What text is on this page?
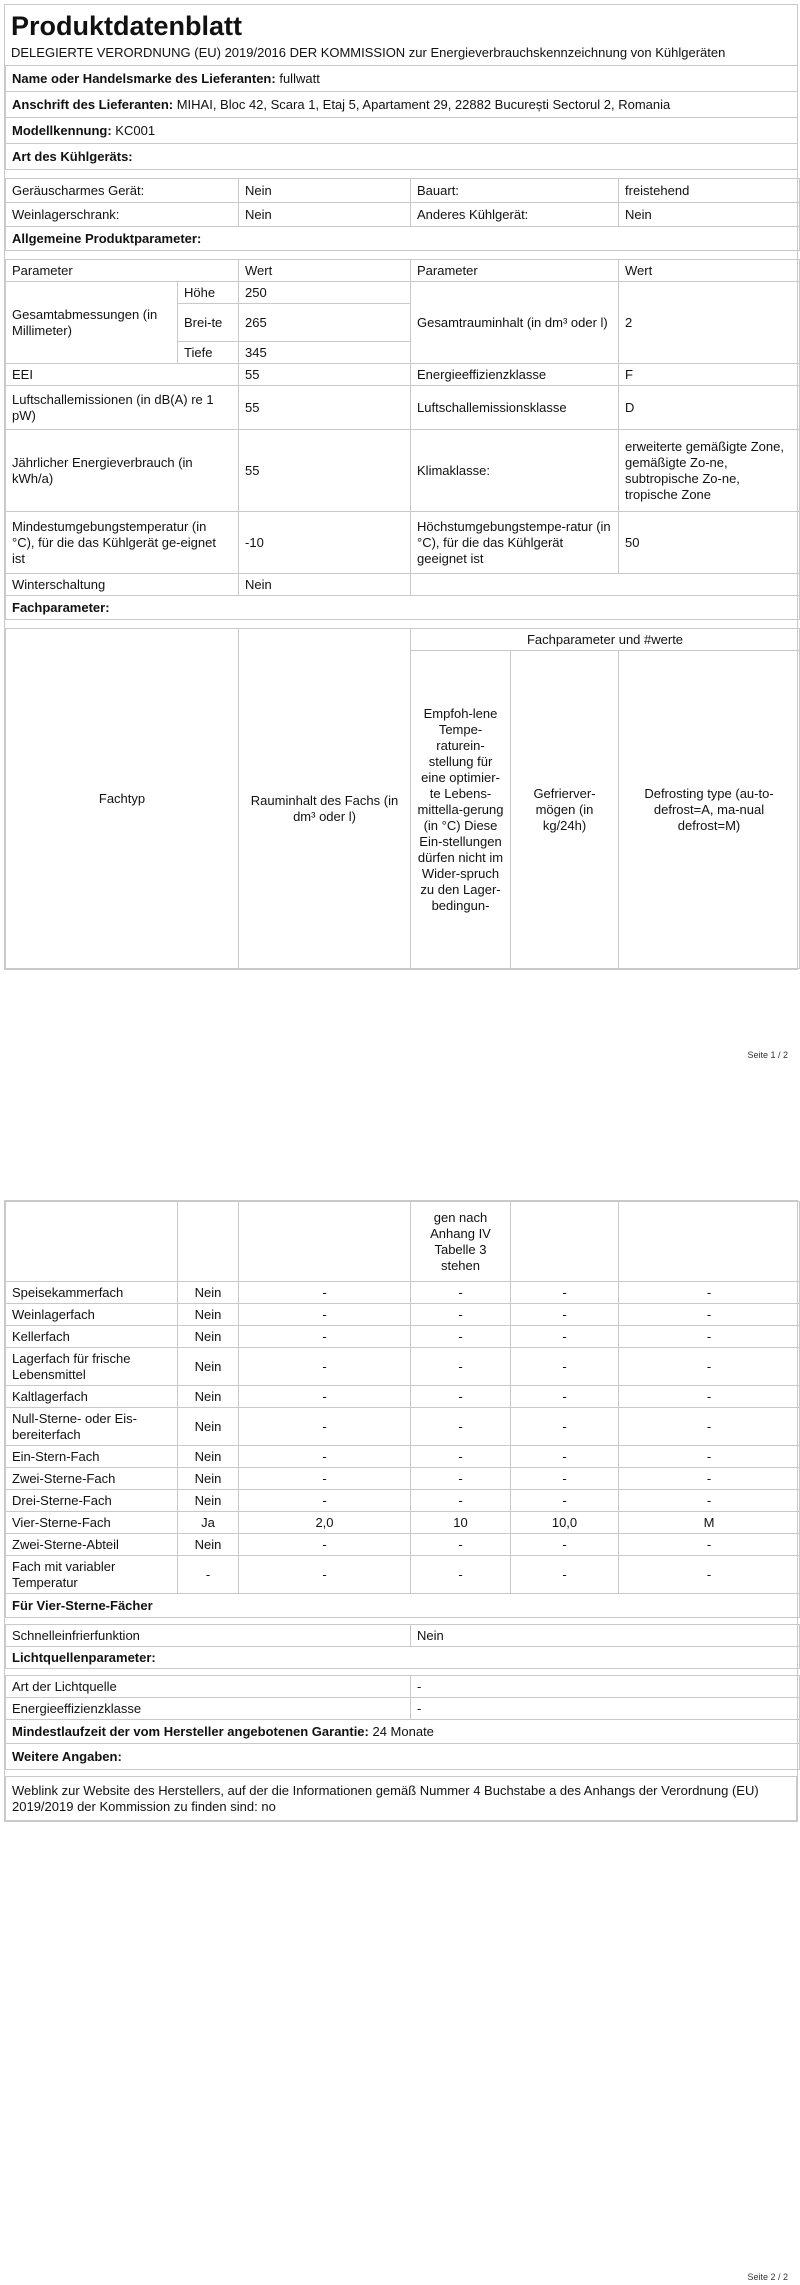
Produktdatenblatt
DELEGIERTE VERORDNUNG (EU) 2019/2016 DER KOMMISSION zur Energieverbrauchskennzeichnung von Kühlgeräten
Name oder Handelsmarke des Lieferanten: fullwatt
Anschrift des Lieferanten: MIHAI, Bloc 42, Scara 1, Etaj 5, Apartament 29, 22882 București Sectorul 2, Romania
Modellkennung: KC001
Art des Kühlgeräts:
Geräuscharmes Gerät:	Nein	Bauart:	freistehend
Weinlagerschrank:	Nein	Anderes Kühlgerät:	Nein
Allgemeine Produktparameter:			
Parameter		Wert	Parameter	Wert
Gesamtabmessungen (in Millimeter)	Höhe	250	Gesamtrauminhalt (in dm³ oder l)	2
	Brei-te	265		
	Tiefe	345		
EEI		55	Energieeffizienzklasse	F
Luftschallemissionen (in dB(A) re 1 pW)		55	Luftschallemissionsklasse	D
Jährlicher Energieverbrauch (in kWh/a)		55	Klimaklasse:	erweiterte gemäßigte Zone, gemäßigte Zo-ne, subtropische Zo-ne, tropische Zone
Mindestumgebungstemperatur (in °C), für die das Kühlgerät ge-eignet ist		-10	Höchstumgebungstempe-ratur (in °C), für die das Kühlgerät geeignet ist	50
Winterschaltung		Nein		
Fachparameter:				
Fachtyp		Fachparameter und #werte		
	Rauminhalt des Fachs (in dm³ oder l)	Empfoh-lene Tempe-raturein-stellung für eine optimier-te Lebens-mittella-gerung (in °C) Diese Ein-stellungen dürfen nicht im Wider-spruch zu den Lager-bedingun-	Gefrierver-mögen (in kg/24h)	Defrosting type (au-to-defrost=A, ma-nual defrost=M)
Seite 1 / 2
			gen nach Anhang IV Tabelle 3 stehen		
Speisekammerfach	Nein	-	-	-	-
Weinlagerfach	Nein	-	-	-	-
Kellerfach	Nein	-	-	-	-
Lagerfach für frische Lebensmittel	Nein	-	-	-	-
Kaltlagerfach	Nein	-	-	-	-
Null-Sterne- oder Eis-bereiterfach	Nein	-	-	-	-
Ein-Stern-Fach	Nein	-	-	-	-
Zwei-Sterne-Fach	Nein	-	-	-	-
Drei-Sterne-Fach	Nein	-	-	-	-
Vier-Sterne-Fach	Ja	2,0	10	10,0	M
Zwei-Sterne-Abteil	Nein	-	-	-	-
Fach mit variabler Temperatur	-	-	-	-	-
Für Vier-Sterne-Fächer					
Schnelleinfrierfunktion	Nein
Lichtquellenparameter:
Art der Lichtquelle	-
Energieeffizienzklasse	-
Mindestlaufzeit der vom Hersteller angebotenen Garantie: 24 Monate	
Weitere Angaben:	
Weblink zur Website des Herstellers, auf der die Informationen gemäß Nummer 4 Buchstabe a des Anhangs der Verordnung (EU) 2019/2019 der Kommission zu finden sind: no
Seite 2 / 2
